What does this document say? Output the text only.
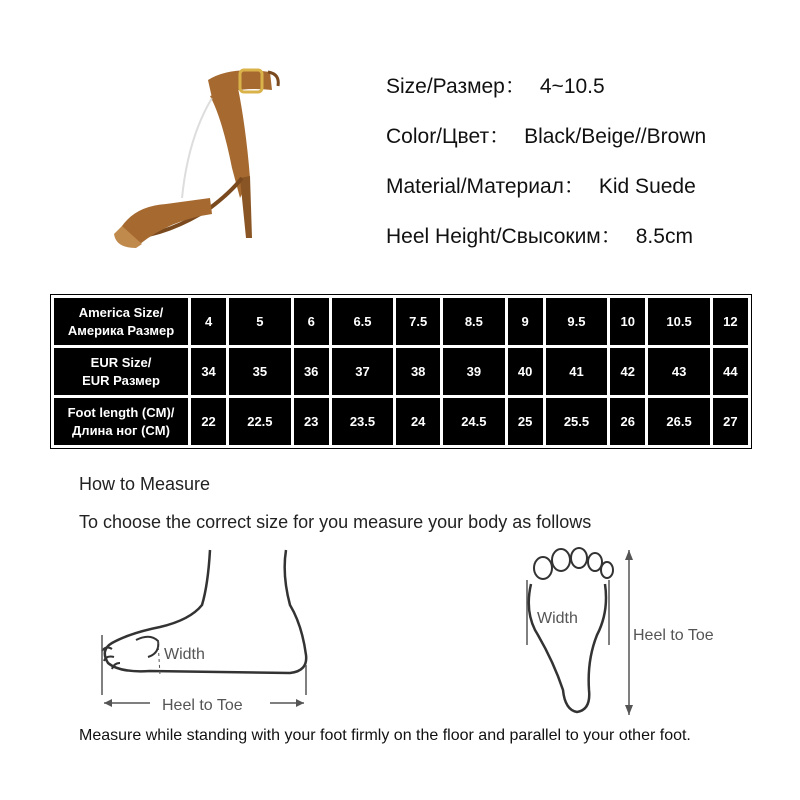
Size/Размер： 4~10.5
Color/Цвет： Black/Beige//Brown
Material/Материал： Kid Suede
Heel Height/Свысоким： 8.5cm
America Size/
Америка Размер	4	5	6	6.5	7.5	8.5	9	9.5	10	10.5	12
EUR Size/
EUR Размер	34	35	36	37	38	39	40	41	42	43	44
Foot length (CM)/
Длина ног (CM)	22	22.5	23	23.5	24	24.5	25	25.5	26	26.5	27
How to Measure
To choose the correct size for you measure your body as follows
Width
Heel to Toe
Width
Heel to Toe
Measure while standing with your foot firmly on the floor and parallel to your other foot.
